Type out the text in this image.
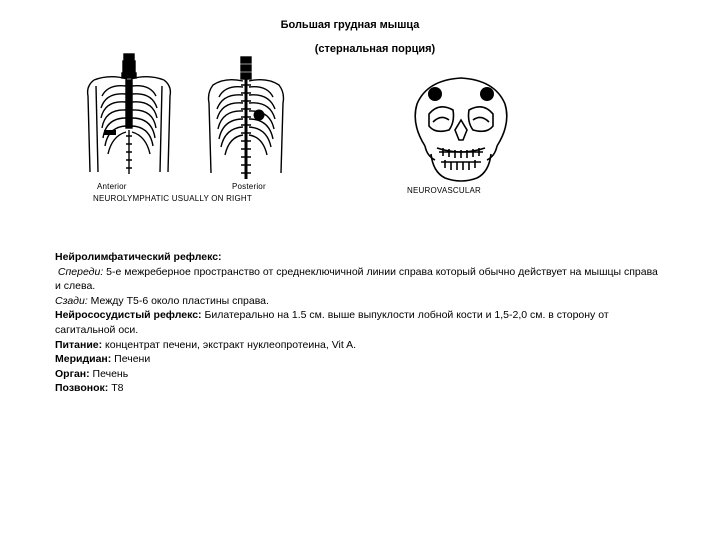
Большая грудная мышца
(стернальная порция)
Anterior	Posterior
NEUROLYMPHATIC USUALLY ON RIGHT
NEUROVASCULAR

Нейролимфатический рефлекс:

Спереди: 5-е межреберное пространство от среднеключичной линии справа который обычно действует на мышцы справа и слева.

Сзади: Между T5-6 около пластины справа.

Нейрососудистый рефлекс: Билатерально на 1.5 см. выше выпуклости лобной кости и 1,5-2,0 см. в сторону от сагитальной оси.

Питание: концентрат печени, экстракт нуклеопротеина, Vit A.

Меридиан: Печени

Орган: Печень

Позвонок: T8
